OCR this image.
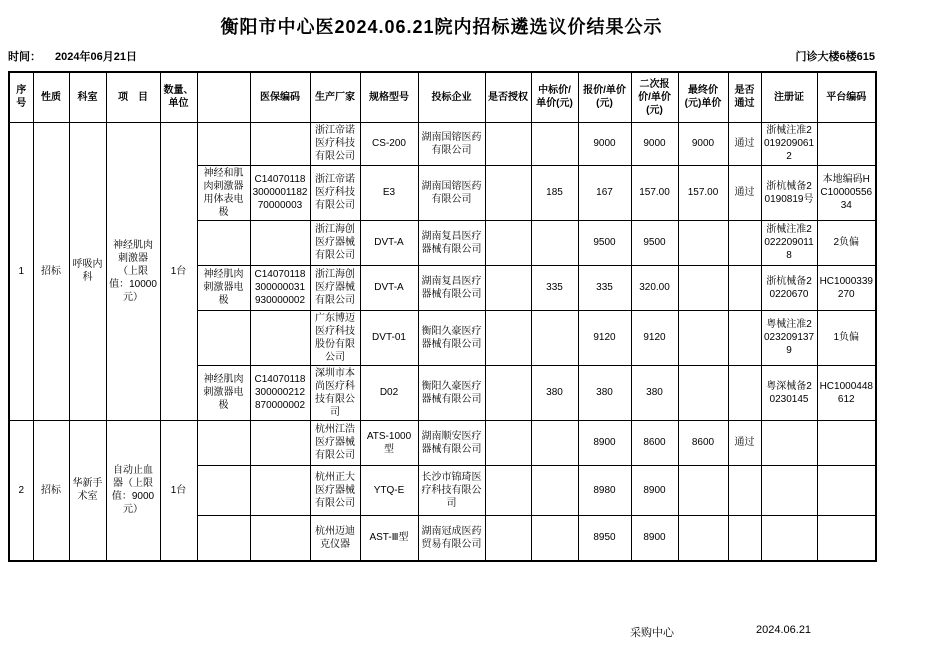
衡阳市中心医2024.06.21院内招标遴选议价结果公示
时间： 2024年06月21日	门诊大楼6楼615
序号	性质	科室	项　目	数量、单位		医保编码	生产厂家	规格型号	投标企业	是否授权	中标价/单价(元)	报价/单价(元)	二次报价/单价(元)	最终价(元)单价	是否通过	注册证	平台编码
1	招标	呼吸内科	神经肌肉刺激器（上限值：10000元）	1台			浙江帝诺医疗科技有限公司	CS-200	湖南国镕医药有限公司			9000	9000	9000	通过	浙械注准20192090612	
					神经和肌肉刺激器用体表电极	C14070118300000118270000003	浙江帝诺医疗科技有限公司	E3	湖南国镕医药有限公司		185	167	157.00	157.00	通过	浙杭械备20190819号	本地编码HC1000055634
							浙江海创医疗器械有限公司	DVT-A	湖南复昌医疗器械有限公司			9500	9500			浙械注准20222090118	2负偏
					神经肌肉刺激器电极	C14070118300000031930000002	浙江海创医疗器械有限公司	DVT-A	湖南复昌医疗器械有限公司		335	335	320.00			浙杭械备20220670	HC1000339270
							广东博迈医疗科技股份有限公司	DVT-01	衡阳久豪医疗器械有限公司			9120	9120			粤械注准20232091379	1负偏
					神经肌肉刺激器电极	C14070118300000212870000002	深圳市本尚医疗科技有限公司	D02	衡阳久豪医疗器械有限公司		380	380	380			粤深械备20230145	HC1000448612
2	招标	华新手术室	自动止血器（上限值：9000元）	1台			杭州江浩医疗器械有限公司	ATS-1000型	湖南顺安医疗器械有限公司			8900	8600	8600	通过		
							杭州正大医疗器械有限公司	YTQ-E	长沙市锦琦医疗科技有限公司			8980	8900				
							杭州迈迪克仪器	AST-Ⅲ型	湖南冠成医药贸易有限公司			8950	8900				
采购中心	2024.06.21
